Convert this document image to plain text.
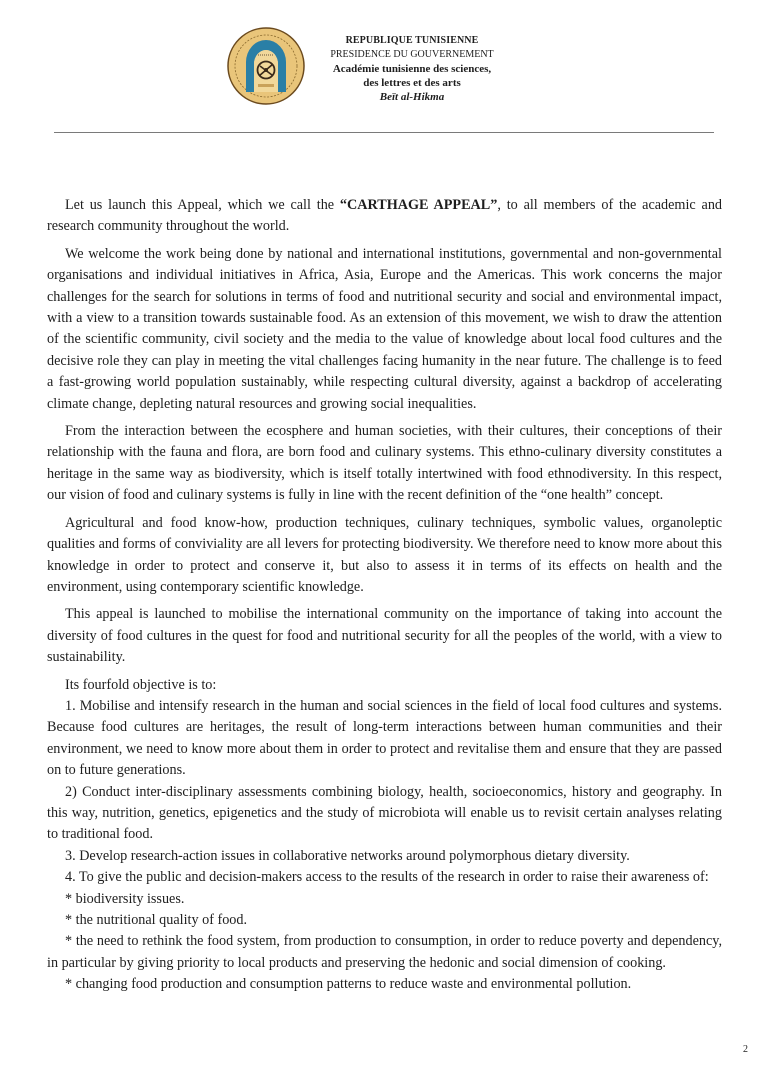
REPUBLIQUE TUNISIENNE
PRESIDENCE DU GOUVERNEMENT
Académie tunisienne des sciences,
des lettres et des arts
Beït al-Hikma

Let us launch this Appeal, which we call the “CARTHAGE APPEAL”, to all members of the academic and research community throughout the world.

We welcome the work being done by national and international institutions, governmental and non-governmental organisations and individual initiatives in Africa, Asia, Europe and the Americas. This work concerns the major challenges for the search for solutions in terms of food and nutritional security and social and environmental impact, with a view to a transition towards sustainable food. As an extension of this movement, we wish to draw the attention of the scientific community, civil society and the media to the value of knowledge about local food cultures and the decisive role they can play in meeting the vital challenges facing humanity in the near future. The challenge is to feed a fast-growing world population sustainably, while respecting cultural diversity, against a backdrop of accelerating climate change, depleting natural resources and growing social inequalities.

From the interaction between the ecosphere and human societies, with their cultures, their conceptions of their relationship with the fauna and flora, are born food and culinary systems. This ethno-culinary diversity constitutes a heritage in the same way as biodiversity, which is itself totally intertwined with food ethnodiversity. In this respect, our vision of food and culinary systems is fully in line with the recent definition of the “one health” concept.

Agricultural and food know-how, production techniques, culinary techniques, symbolic values, organoleptic qualities and forms of conviviality are all levers for protecting biodiversity. We therefore need to know more about this knowledge in order to protect and conserve it, but also to assess it in terms of its effects on health and the environment, using contemporary scientific knowledge.

This appeal is launched to mobilise the international community on the importance of taking into account the diversity of food cultures in the quest for food and nutritional security for all the peoples of the world, with a view to sustainability.

Its fourfold objective is to:

1. Mobilise and intensify research in the human and social sciences in the field of local food cultures and systems. Because food cultures are heritages, the result of long-term interactions between human communities and their environment, we need to know more about them in order to protect and revitalise them and ensure that they are passed on to future generations.

2) Conduct inter-disciplinary assessments combining biology, health, socioeconomics, history and geography. In this way, nutrition, genetics, epigenetics and the study of microbiota will enable us to revisit certain analyses relating to traditional food.

3. Develop research-action issues in collaborative networks around polymorphous dietary diversity.

4. To give the public and decision-makers access to the results of the research in order to raise their awareness of:

* biodiversity issues.

* the nutritional quality of food.

* the need to rethink the food system, from production to consumption, in order to reduce poverty and dependency, in particular by giving priority to local products and preserving the hedonic and social dimension of cooking.

* changing food production and consumption patterns to reduce waste and environmental pollution.

2
